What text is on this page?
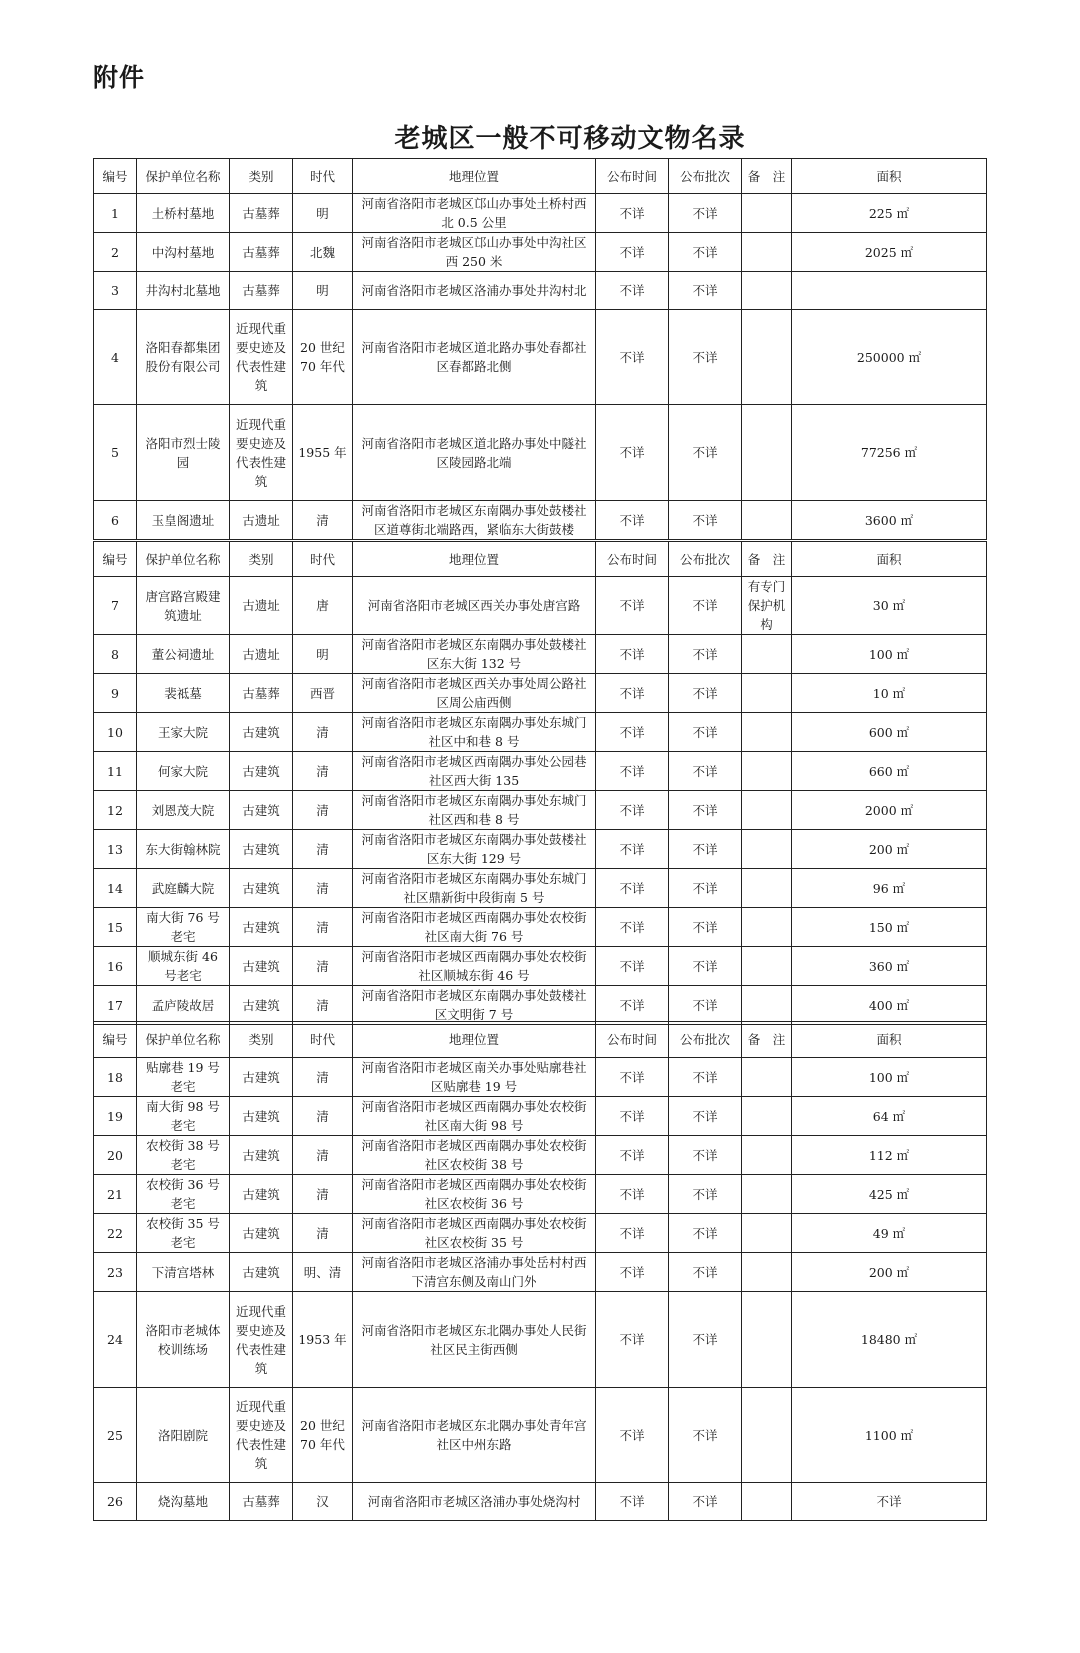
附件
老城区一般不可移动文物名录
编号	保护单位名称	类别	时代	地理位置	公布时间	公布批次	备　注	面积
1	土桥村墓地	古墓葬	明	河南省洛阳市老城区邙山办事处土桥村西北 0.5 公里	不详	不详		225 ㎡
2	中沟村墓地	古墓葬	北魏	河南省洛阳市老城区邙山办事处中沟社区西 250 米	不详	不详		2025 ㎡
3	井沟村北墓地	古墓葬	明	河南省洛阳市老城区洛浦办事处井沟村北	不详	不详		
4	洛阳春都集团股份有限公司	近现代重要史迹及代表性建筑	20 世纪 70 年代	河南省洛阳市老城区道北路办事处春都社区春都路北侧	不详	不详		250000 ㎡
5	洛阳市烈士陵园	近现代重要史迹及代表性建筑	1955 年	河南省洛阳市老城区道北路办事处中隧社区陵园路北端	不详	不详		77256 ㎡
6	玉皇阁遗址	古遗址	清	河南省洛阳市老城区东南隅办事处鼓楼社区道尊街北端路西，紧临东大街鼓楼	不详	不详		3600 ㎡
编号	保护单位名称	类别	时代	地理位置	公布时间	公布批次	备　注	面积
7	唐宫路宫殿建筑遗址	古遗址	唐	河南省洛阳市老城区西关办事处唐宫路	不详	不详	有专门保护机构	30 ㎡
8	董公祠遗址	古遗址	明	河南省洛阳市老城区东南隅办事处鼓楼社区东大街 132 号	不详	不详		100 ㎡
9	裴祗墓	古墓葬	西晋	河南省洛阳市老城区西关办事处周公路社区周公庙西侧	不详	不详		10 ㎡
10	王家大院	古建筑	清	河南省洛阳市老城区东南隅办事处东城门社区中和巷 8 号	不详	不详		600 ㎡
11	何家大院	古建筑	清	河南省洛阳市老城区西南隅办事处公园巷社区西大街 135	不详	不详		660 ㎡
12	刘恩茂大院	古建筑	清	河南省洛阳市老城区东南隅办事处东城门社区西和巷 8 号	不详	不详		2000 ㎡
13	东大街翰林院	古建筑	清	河南省洛阳市老城区东南隅办事处鼓楼社区东大街 129 号	不详	不详		200 ㎡
14	武庭麟大院	古建筑	清	河南省洛阳市老城区东南隅办事处东城门社区鼎新街中段街南 5 号	不详	不详		96 ㎡
15	南大街 76 号老宅	古建筑	清	河南省洛阳市老城区西南隅办事处农校街社区南大街 76 号	不详	不详		150 ㎡
16	顺城东街 46 号老宅	古建筑	清	河南省洛阳市老城区西南隅办事处农校街社区顺城东街 46 号	不详	不详		360 ㎡
17	孟庐陵故居	古建筑	清	河南省洛阳市老城区东南隅办事处鼓楼社区文明街 7 号	不详	不详		400 ㎡
编号	保护单位名称	类别	时代	地理位置	公布时间	公布批次	备　注	面积
18	贴廓巷 19 号老宅	古建筑	清	河南省洛阳市老城区南关办事处贴廓巷社区贴廓巷 19 号	不详	不详		100 ㎡
19	南大街 98 号老宅	古建筑	清	河南省洛阳市老城区西南隅办事处农校街社区南大街 98 号	不详	不详		64 ㎡
20	农校街 38 号老宅	古建筑	清	河南省洛阳市老城区西南隅办事处农校街社区农校街 38 号	不详	不详		112 ㎡
21	农校街 36 号老宅	古建筑	清	河南省洛阳市老城区西南隅办事处农校街社区农校街 36 号	不详	不详		425 ㎡
22	农校街 35 号老宅	古建筑	清	河南省洛阳市老城区西南隅办事处农校街社区农校街 35 号	不详	不详		49 ㎡
23	下清宫塔林	古建筑	明、清	河南省洛阳市老城区洛浦办事处岳村村西下清宫东侧及南山门外	不详	不详		200 ㎡
24	洛阳市老城体校训练场	近现代重要史迹及代表性建筑	1953 年	河南省洛阳市老城区东北隅办事处人民街社区民主街西侧	不详	不详		18480 ㎡
25	洛阳剧院	近现代重要史迹及代表性建筑	20 世纪 70 年代	河南省洛阳市老城区东北隅办事处青年宫社区中州东路	不详	不详		1100 ㎡
26	烧沟墓地	古墓葬	汉	河南省洛阳市老城区洛浦办事处烧沟村	不详	不详		不详
